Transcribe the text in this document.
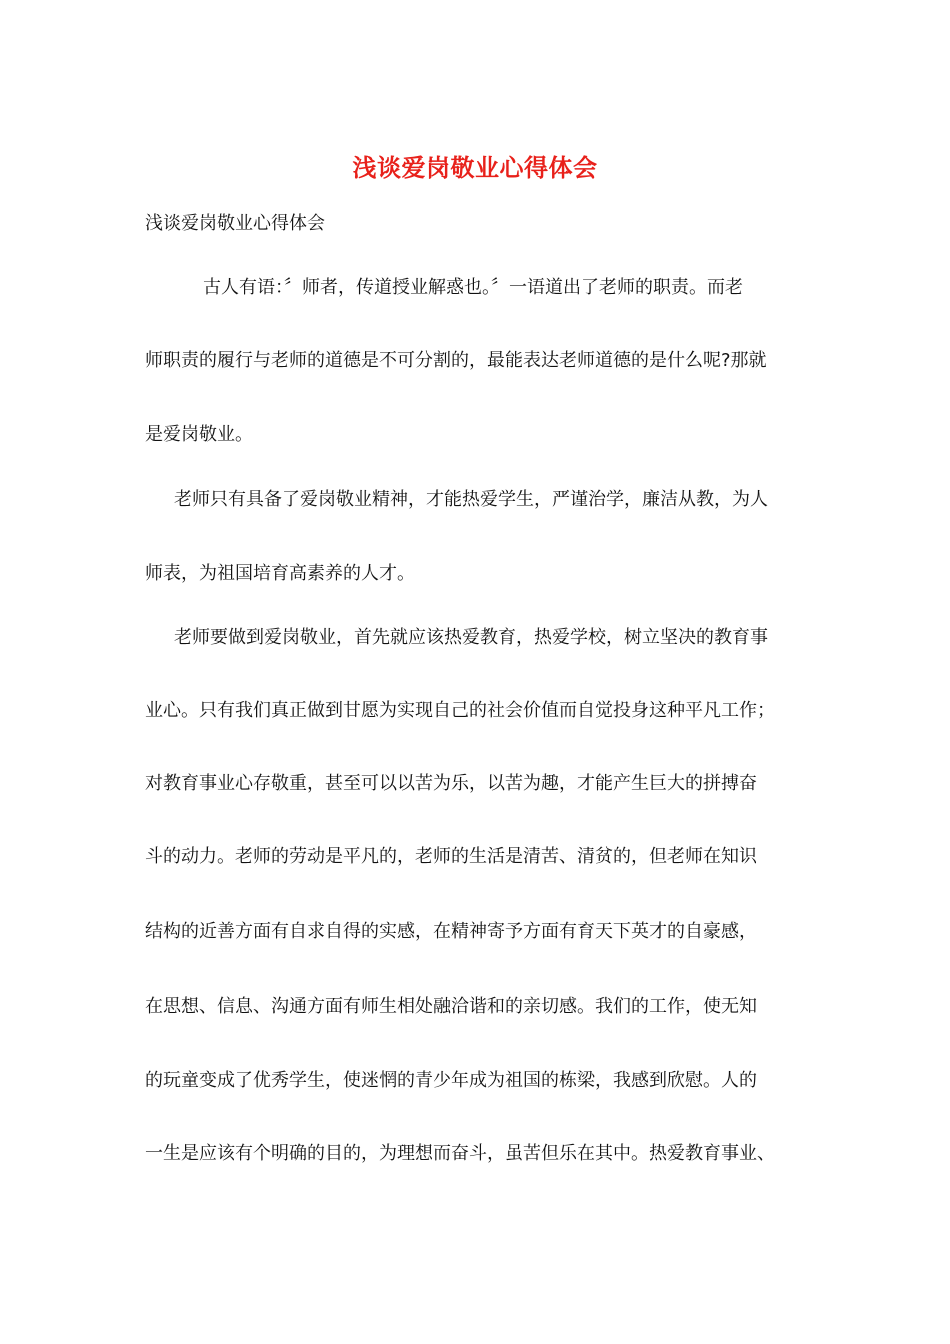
浅谈爱岗敬业心得体会
浅谈爱岗敬业心得体会
古人有语：〞师者，传道授业解惑也。〞一语道出了老师的职责。而老
师职责的履行与老师的道德是不可分割的，最能表达老师道德的是什么呢?那就
是爱岗敬业。
老师只有具备了爱岗敬业精神，才能热爱学生，严谨治学，廉洁从教，为人
师表，为祖国培育高素养的人才。
老师要做到爱岗敬业，首先就应该热爱教育，热爱学校，树立坚决的教育事
业心。只有我们真正做到甘愿为实现自己的社会价值而自觉投身这种平凡工作；
对教育事业心存敬重，甚至可以以苦为乐，以苦为趣，才能产生巨大的拼搏奋
斗的动力。老师的劳动是平凡的，老师的生活是清苦、清贫的，但老师在知识
结构的近善方面有自求自得的实感，在精神寄予方面有育天下英才的自豪感，
在思想、信息、沟通方面有师生相处融洽谐和的亲切感。我们的工作，使无知
的玩童变成了优秀学生，使迷惘的青少年成为祖国的栋梁，我感到欣慰。人的
一生是应该有个明确的目的，为理想而奋斗，虽苦但乐在其中。热爱教育事业、
